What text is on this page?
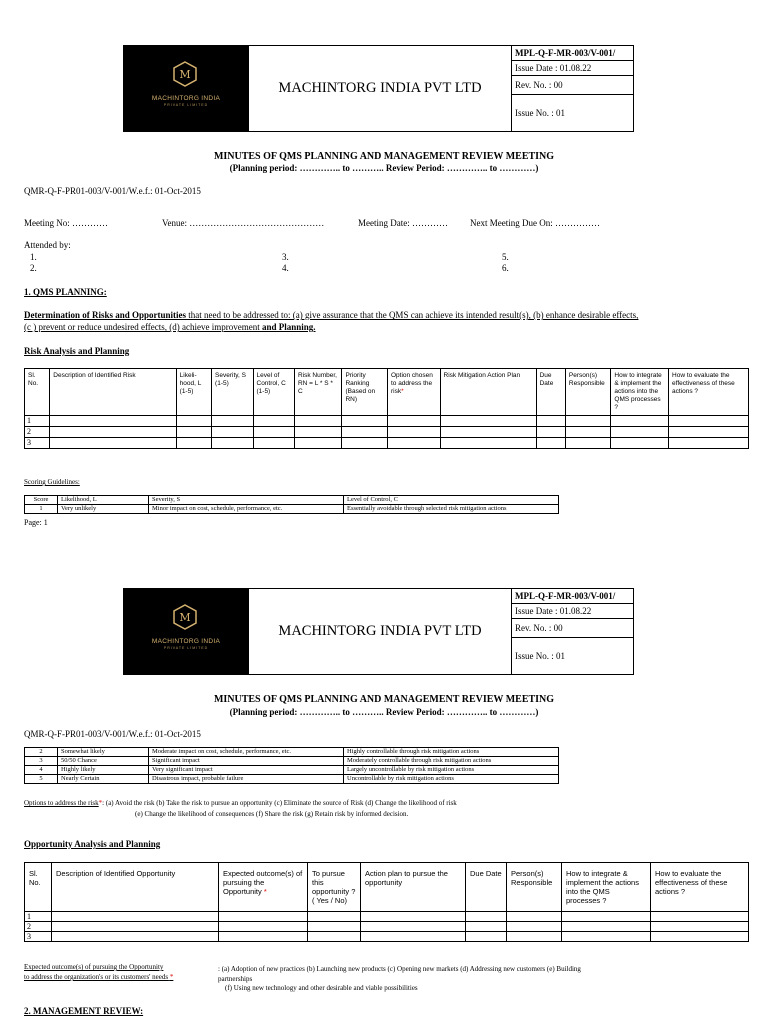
M
MACHINTORG INDIA
PRIVATE LIMITED
MACHINTORG INDIA PVT LTD
MPL-Q-F-MR-003/V-001/
Issue Date : 01.08.22
Rev. No. : 00
Issue No. : 01
MINUTES OF QMS PLANNING AND MANAGEMENT REVIEW MEETING
(Planning period: ………….. to ……….. Review Period: ………….. to …………)
QMR-Q-F-PR01-003/V-001/W.e.f.: 01-Oct-2015
Meeting No: …………	Venue: ………………………………………	Meeting Date: ………… Next Meeting Due On: ……………
Attended by:
1.
2.
3.
4.
5.
6.
1. QMS PLANNING:
Determination of Risks and Opportunities that need to be addressed to: (a) give assurance that the QMS can achieve its intended result(s), (b) enhance desirable effects,
(c ) prevent or reduce undesired effects, (d) achieve improvement and Planning.
Risk Analysis and Planning
Sl. No.	Description of Identified Risk	Likeli-hood, L (1-5)	Severity, S (1-5)	Level of Control, C (1-5)	Risk Number, RN = L * S * C	Priority Ranking (Based on RN)	Option chosen to address the risk*	Risk Mitigation Action Plan	Due Date	Person(s) Responsible	How to integrate & implement the actions into the QMS processes ?	How to evaluate the effectiveness of these actions ?
1												
2												
3												
Scoring Guidelines:
Score	Likelihood, L	Severity, S	Level of Control, C
1	Very unlikely	Minor impact on cost, schedule, performance, etc.	Essentially avoidable through selected risk mitigation actions
Page: 1
M
MACHINTORG INDIA
PRIVATE LIMITED
MACHINTORG INDIA PVT LTD
MPL-Q-F-MR-003/V-001/
Issue Date : 01.08.22
Rev. No. : 00
Issue No. : 01
MINUTES OF QMS PLANNING AND MANAGEMENT REVIEW MEETING
(Planning period: ………….. to ……….. Review Period: ………….. to …………)
QMR-Q-F-PR01-003/V-001/W.e.f.: 01-Oct-2015
2	Somewhat likely	Moderate impact on cost, schedule, performance, etc.	Highly controllable through risk mitigation actions
3	50/50 Chance	Significant impact	Moderately controllable through risk mitigation actions
4	Highly likely	Very significant impact	Largely uncontrollable by risk mitigation actions
5	Nearly Certain	Disastrous impact, probable failure	Uncontrollable by risk mitigation actions
Options to address the risk*: (a) Avoid the risk (b) Take the risk to pursue an opportunity (c) Eliminate the source of Risk (d) Change the likelihood of risk
(e) Change the likelihood of consequences (f) Share the risk (g) Retain risk by informed decision.
Opportunity Analysis and Planning
Sl. No.	Description of Identified Opportunity	Expected outcome(s) of pursuing the Opportunity *	To pursue this opportunity ? ( Yes / No)	Action plan to pursue the opportunity	Due Date	Person(s) Responsible	How to integrate & implement the actions into the QMS processes ?	How to evaluate the effectiveness of these actions ?
1								
2								
3								
Expected outcome(s) of pursuing the Opportunity
to address the organization's or its customers' needs *
: (a) Adoption of new practices (b) Launching new products (c) Opening new markets (d) Addressing new customers (e) Building
partnerships
(f) Using new technology and other desirable and viable possibilities
2. MANAGEMENT REVIEW:
